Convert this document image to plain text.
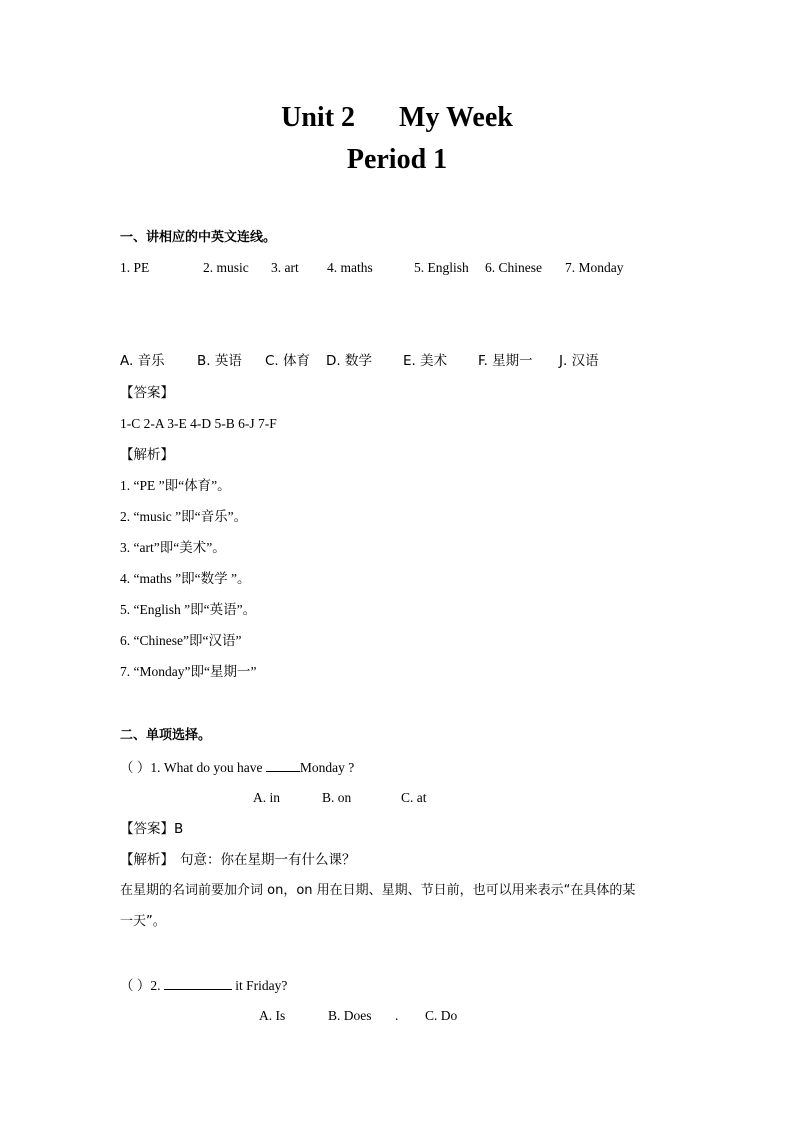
Unit 2 My Week
Period 1
一、讲相应的中英文连线。
1. PE	2. music 3. art 4. maths	5. English 6. Chinese 7. Monday
A. 音乐 B. 英语 C. 体育 D. 数学 E. 美术 F. 星期一 J. 汉语
【答案】
1-C 2-A 3-E 4-D 5-B 6-J 7-F
【解析】
1. “PE ”即“体育”。
2. “music ”即“音乐”。
3. “art”即“美术”。
4. “maths ”即“数学 ”。
5. “English ”即“英语”。
6. “Chinese”即“汉语”
7. “Monday”即“星期一”
二、单项选择。
（ ）1. What do you have	Monday ?
A. in	B. on	C. at
【答案】B
【解析】 句意：你在星期一有什么课？
在星期的名词前要加介词 on，on 用在日期、星期、节日前，也可以用来表示“在具体的某
一天”。
（ ）2.	it Friday?
A. Is	B. Does . C. Do
